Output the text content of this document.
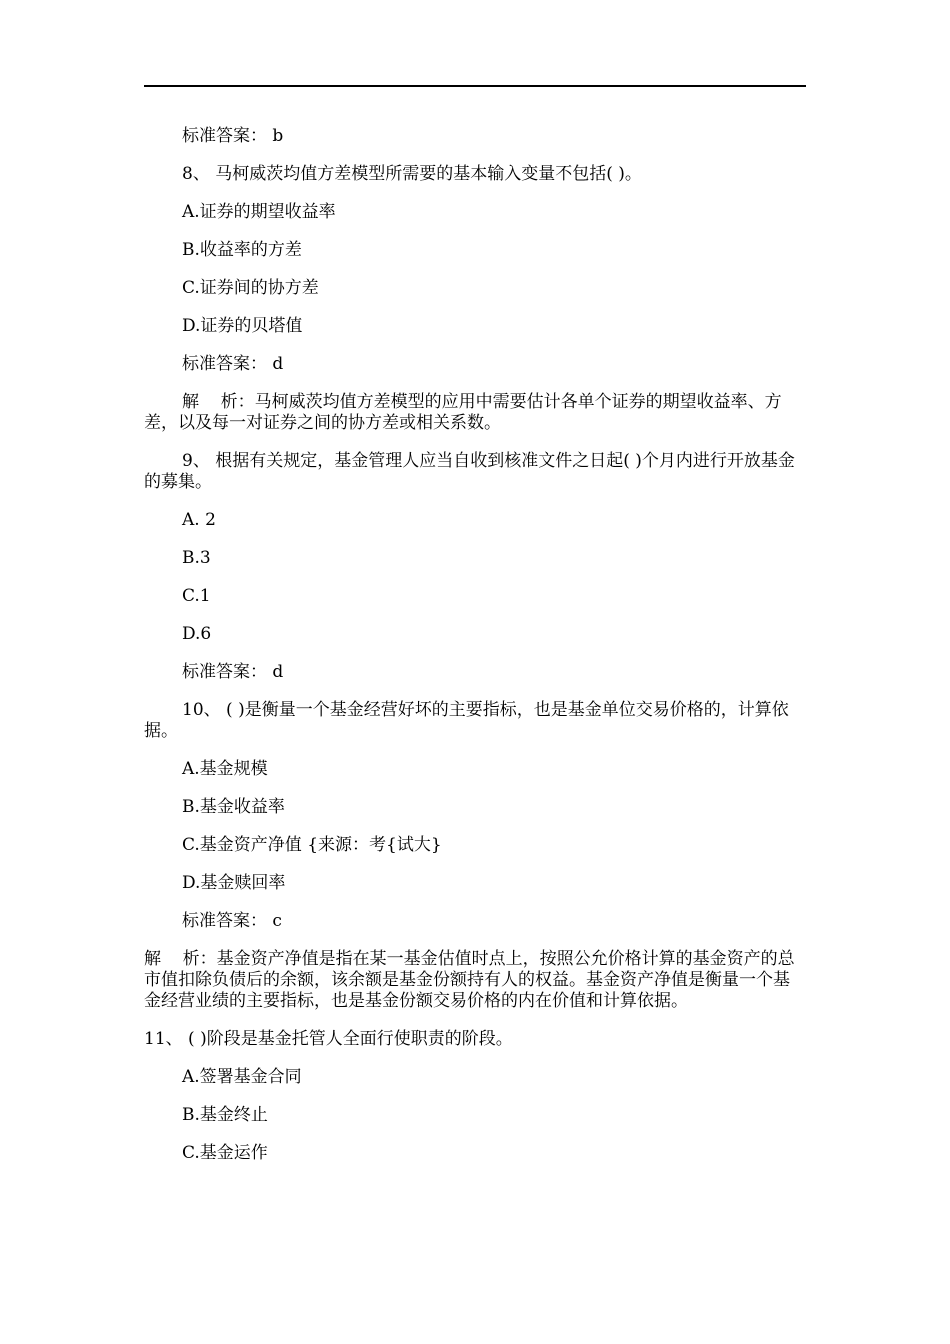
标准答案： b

8、 马柯威茨均值方差模型所需要的基本输入变量不包括( )。

A.证券的期望收益率

B.收益率的方差

C.证券间的协方差

D.证券的贝塔值

标准答案： d

解    析：马柯威茨均值方差模型的应用中需要估计各单个证券的期望收益率、方差，以及每一对证券之间的协方差或相关系数。

9、 根据有关规定，基金管理人应当自收到核准文件之日起( )个月内进行开放基金的募集。

A. 2

B.3

C.1

D.6

标准答案： d

10、 ( )是衡量一个基金经营好坏的主要指标，也是基金单位交易价格的，计算依据。

A.基金规模

B.基金收益率

C.基金资产净值 {来源：考{试大}

D.基金赎回率

标准答案： c

解    析：基金资产净值是指在某一基金估值时点上，按照公允价格计算的基金资产的总市值扣除负债后的余额，该余额是基金份额持有人的权益。基金资产净值是衡量一个基金经营业绩的主要指标，也是基金份额交易价格的内在价值和计算依据。

11、 ( )阶段是基金托管人全面行使职责的阶段。

A.签署基金合同

B.基金终止

C.基金运作
